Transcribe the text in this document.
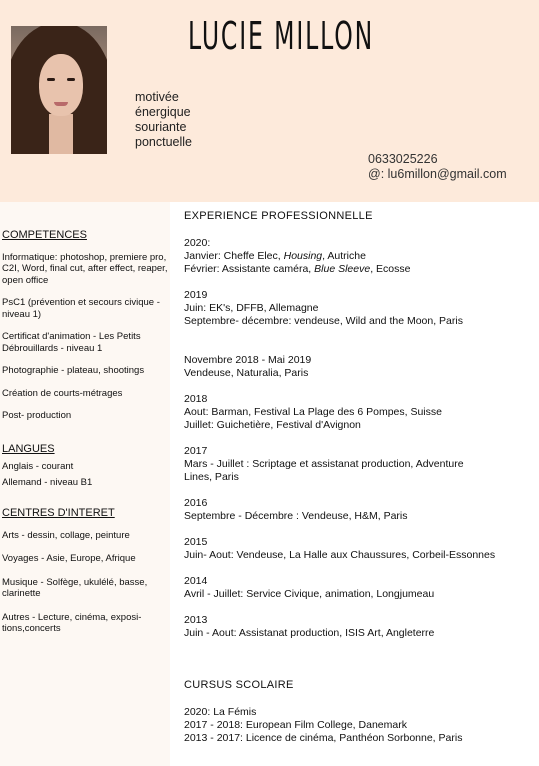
LUCIE MILLON
motivée
énergique
souriante
ponctuelle
0633025226
@: lu6millon@gmail.com

COMPETENCES

Informatique: photoshop, premiere pro, C2I, Word, final cut, after effect, reaper, open office

PsC1 (prévention et secours civique - niveau 1)

Certificat d'animation - Les Petits Débrouillards - niveau 1

Photographie - plateau, shootings

Création de courts-métrages

Post- production

LANGUES

Anglais - courant

Allemand - niveau B1

CENTRES D'INTERET

Arts - dessin, collage, peinture

Voyages - Asie, Europe, Afrique

Musique - Solfège, ukulélé, basse, clarinette

Autres - Lecture, cinéma, exposi- tions,concerts

EXPERIENCE PROFESSIONNELLE

2020:

Janvier: Cheffe Elec, Housing, Autriche

Février: Assistante caméra, Blue Sleeve, Ecosse

2019

Juin: EK's, DFFB, Allemagne

Septembre- décembre: vendeuse, Wild and the Moon, Paris

Novembre 2018 - Mai 2019

Vendeuse, Naturalia, Paris

2018

Aout: Barman, Festival La Plage des 6 Pompes, Suisse

Juillet: Guichetière, Festival d'Avignon

2017

Mars - Juillet : Scriptage et assistanat production, Adventure

Lines, Paris

2016

Septembre - Décembre : Vendeuse, H&M, Paris

2015

Juin- Aout: Vendeuse, La Halle aux Chaussures, Corbeil-Essonnes

2014

Avril - Juillet: Service Civique, animation, Longjumeau

2013

Juin - Aout: Assistanat production, ISIS Art, Angleterre

CURSUS SCOLAIRE

2020: La Fémis

2017 - 2018: European Film College, Danemark

2013 - 2017: Licence de cinéma, Panthéon Sorbonne, Paris
